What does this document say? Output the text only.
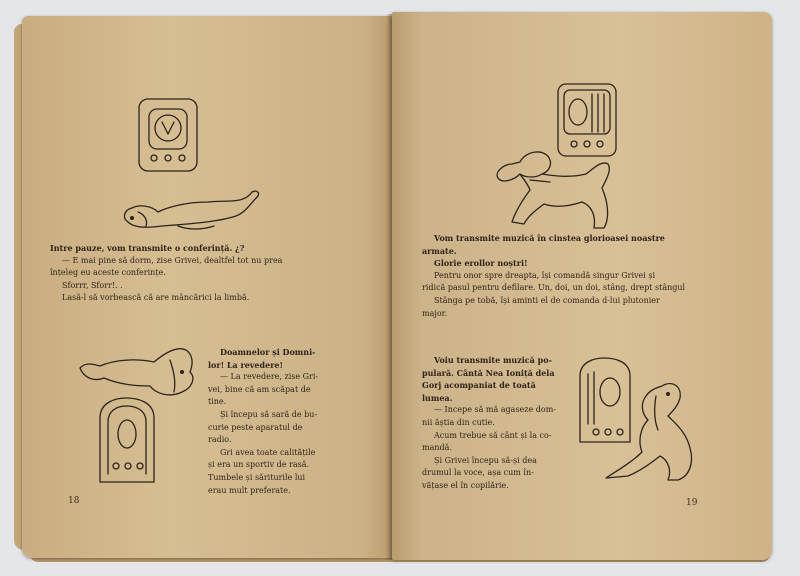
Intre pauze, vom transmite o conferință. ¿?
— E mai pine să dorm, zise Grivei, dealtfel tot nu prea
înțeleg eu aceste conferințe.
Sforrr, Sforr!. .
Lasă-l să vorbească că are mâncărici la limbă.
Doamnelor și Domni-
lor! La revedere!
— La revedere, zise Gri-
vei, bine că am scăpat de
tine.
Și începu să sară de bu-
curie peste aparatul de
radio.
Gri avea toate calitățile
și era un sportiv de rasă.
Tumbele și săriturile lui
erau mult preferate.
18
Vom transmite muzică în cinstea glorioasei noastre
armate.
Glorie erollor noștri!
Pentru onor spre dreapta, își comandă singur Grivei și
ridică pasul pentru defilare. Un, doi, un doi, stâng, drept stângul
Stânga pe tobă, își aminti el de comanda d-lui plutonier
major.
Voiu transmite muzică po-
pulară. Cântă Nea Ioniță dela
Gorj acompaniat de toată
lumea.
— Incepe să mă agaseze dom-
nii ăștia din cutie.
Acum trebue să cânt și la co-
mandă.
Și Grivei începu să-și dea
drumul la voce, așa cum în-
vățase el în copilărie.
19
